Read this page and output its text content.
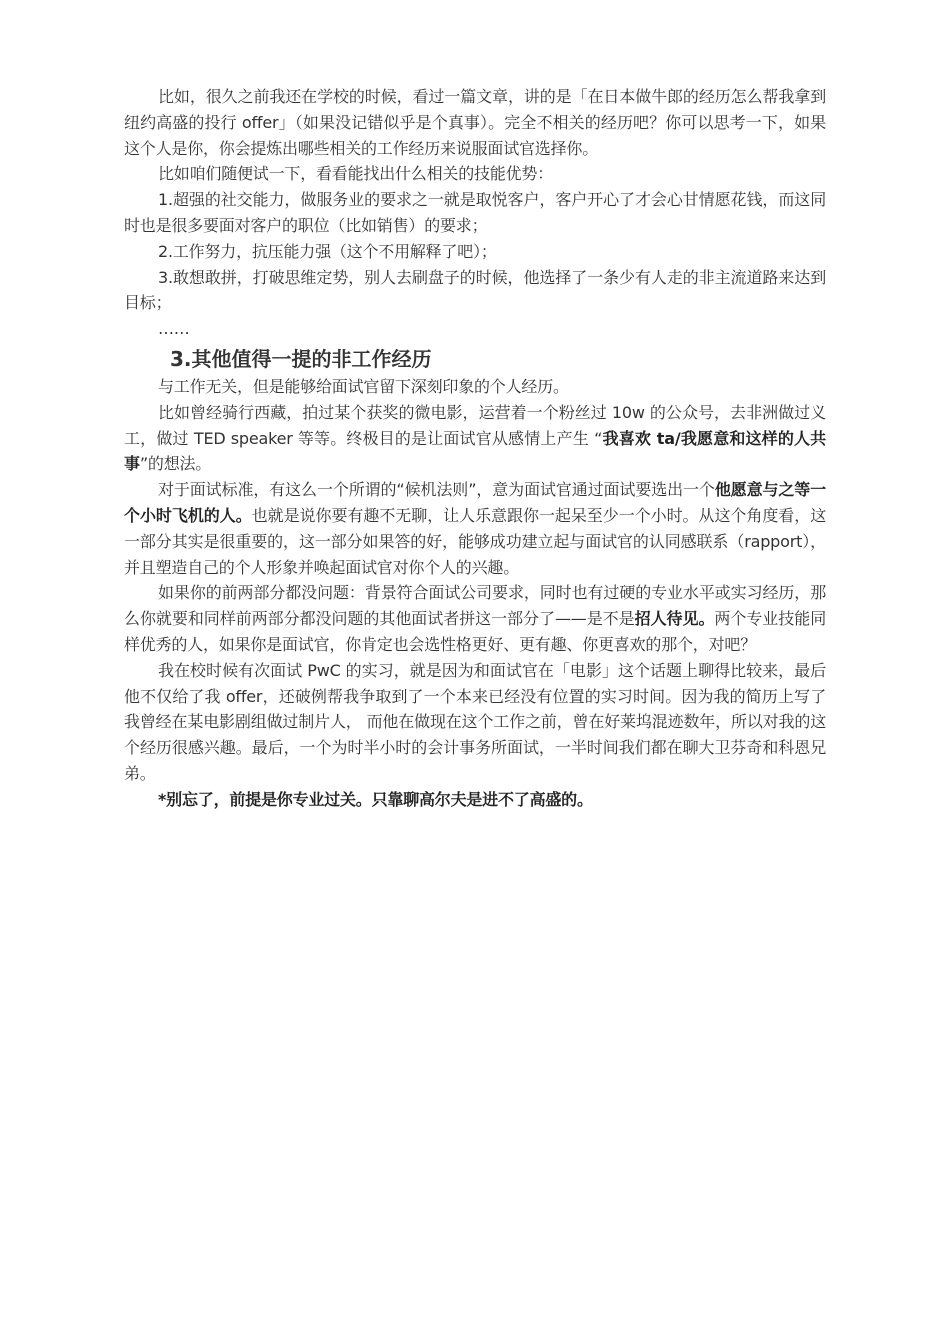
比如，很久之前我还在学校的时候，看过一篇文章，讲的是「在日本做牛郎的经历怎么帮我拿到纽约高盛的投行 offer」（如果没记错似乎是个真事）。完全不相关的经历吧？你可以思考一下，如果这个人是你，你会提炼出哪些相关的工作经历来说服面试官选择你。

比如咱们随便试一下，看看能找出什么相关的技能优势：

1.超强的社交能力，做服务业的要求之一就是取悦客户，客户开心了才会心甘情愿花钱，而这同时也是很多要面对客户的职位（比如销售）的要求；

2.工作努力，抗压能力强（这个不用解释了吧）；

3.敢想敢拼，打破思维定势，别人去刷盘子的时候，他选择了一条少有人走的非主流道路来达到目标；

……

3.其他值得一提的非工作经历

与工作无关，但是能够给面试官留下深刻印象的个人经历。

比如曾经骑行西藏，拍过某个获奖的微电影，运营着一个粉丝过 10w 的公众号，去非洲做过义工，做过 TED speaker 等等。终极目的是让面试官从感情上产生 “我喜欢 ta/我愿意和这样的人共事”的想法。

对于面试标准，有这么一个所谓的“候机法则”，意为面试官通过面试要选出一个他愿意与之等一个小时飞机的人。也就是说你要有趣不无聊，让人乐意跟你一起呆至少一个小时。从这个角度看，这一部分其实是很重要的，这一部分如果答的好，能够成功建立起与面试官的认同感联系（rapport），并且塑造自己的个人形象并唤起面试官对你个人的兴趣。

如果你的前两部分都没问题：背景符合面试公司要求，同时也有过硬的专业水平或实习经历，那么你就要和同样前两部分都没问题的其他面试者拼这一部分了——是不是招人待见。两个专业技能同样优秀的人，如果你是面试官，你肯定也会选性格更好、更有趣、你更喜欢的那个，对吧？

我在校时候有次面试 PwC 的实习，就是因为和面试官在「电影」这个话题上聊得比较来，最后他不仅给了我 offer，还破例帮我争取到了一个本来已经没有位置的实习时间。因为我的简历上写了我曾经在某电影剧组做过制片人， 而他在做现在这个工作之前，曾在好莱坞混迹数年，所以对我的这个经历很感兴趣。最后，一个为时半小时的会计事务所面试，一半时间我们都在聊大卫芬奇和科恩兄弟。

*别忘了，前提是你专业过关。只靠聊高尔夫是进不了高盛的。
